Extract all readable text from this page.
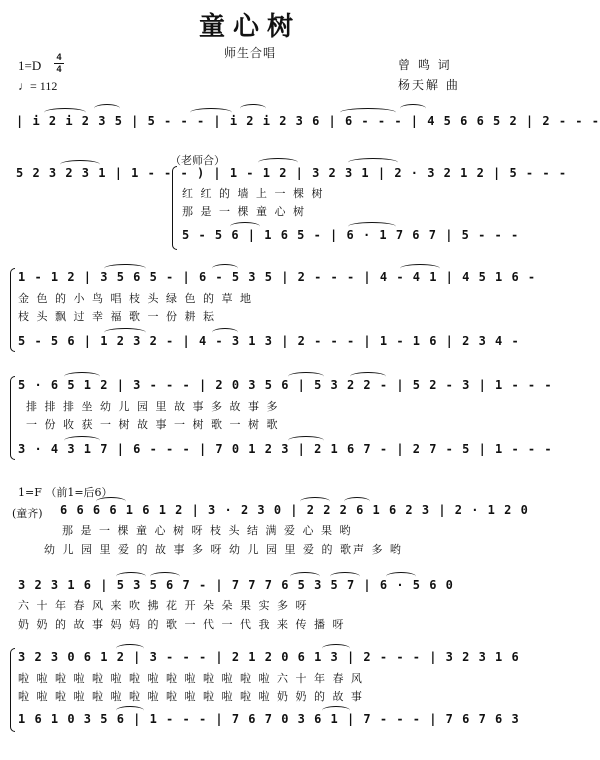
童心树
师生合唱
曾 鸣 词
杨天解 曲
1=D
4
4
♩= 112
| i 2 i 2 3 5 | 5 - - - | i 2 i 2 3 6 | 6 - - - | 4 5 6 6 5 2 | 2 - - -
（老师合）
5 2 3 2 3 1 | 1 - - - ) | 1 - 1 2 | 3 2 3 1 | 2 · 3 2 1 2 | 5 - - -
红 红 的 墙 上 一 棵 树
那 是 一 棵 童 心 树
5 - 5 6 | 1 6 5 - | 6 · 1 7 6 7 | 5 - - -
1 - 1 2 | 3 5 6 5 - | 6 - 5 3 5 | 2 - - - | 4 - 4 1 | 4 5 1 6 -
金 色 的 小 鸟 唱 枝 头 绿 色 的 草 地
枝 头 飘 过 幸 福 歌 一 份 耕 耘
5 - 5 6 | 1 2 3 2 - | 4 - 3 1 3 | 2 - - - | 1 - 1 6 | 2 3 4 -
5 · 6 5 1 2 | 3 - - - | 2 0 3 5 6 | 5 3 2 2 - | 5 2 - 3 | 1 - - -
排 排 排 坐 幼 儿 园 里 故 事 多 故 事 多
一 份 收 获 一 树 故 事 一 树 歌 一 树 歌
3 · 4 3 1 7 | 6 - - - | 7 0 1 2 3 | 2 1 6 7 - | 2 7 - 5 | 1 - - -
1=F （前1=后6）
(童齐) 6 6 6 6 1 6 1 2 | 3 · 2 3 0 | 2 2 2 6 1 6 2 3 | 2 · 1 2 0
那 是 一 棵 童 心 树 呀 枝 头 结 满 爱 心 果 哟
幼 儿 园 里 爱 的 故 事 多 呀 幼 儿 园 里 爱 的 歌声 多 哟
3 2 3 1 6 | 5 3 5 6 7 - | 7 7 7 6 5 3 5 7 | 6 · 5 6 0
六 十 年 春 风 来 吹 拂 花 开 朵 朵 果 实 多 呀
奶 奶 的 故 事 妈 妈 的 歌 一 代 一 代 我 来 传 播 呀
3 2 3 0 6 1 2 | 3 - - - | 2 1 2 0 6 1 3 | 2 - - - | 3 2 3 1 6
啦 啦 啦 啦 啦 啦 啦 啦 啦 啦 啦 啦 啦 啦 六 十 年 春 风
啦 啦 啦 啦 啦 啦 啦 啦 啦 啦 啦 啦 啦 啦 奶 奶 的 故 事
1 6 1 0 3 5 6 | 1 - - - | 7 6 7 0 3 6 1 | 7 - - - | 7 6 7 6 3
